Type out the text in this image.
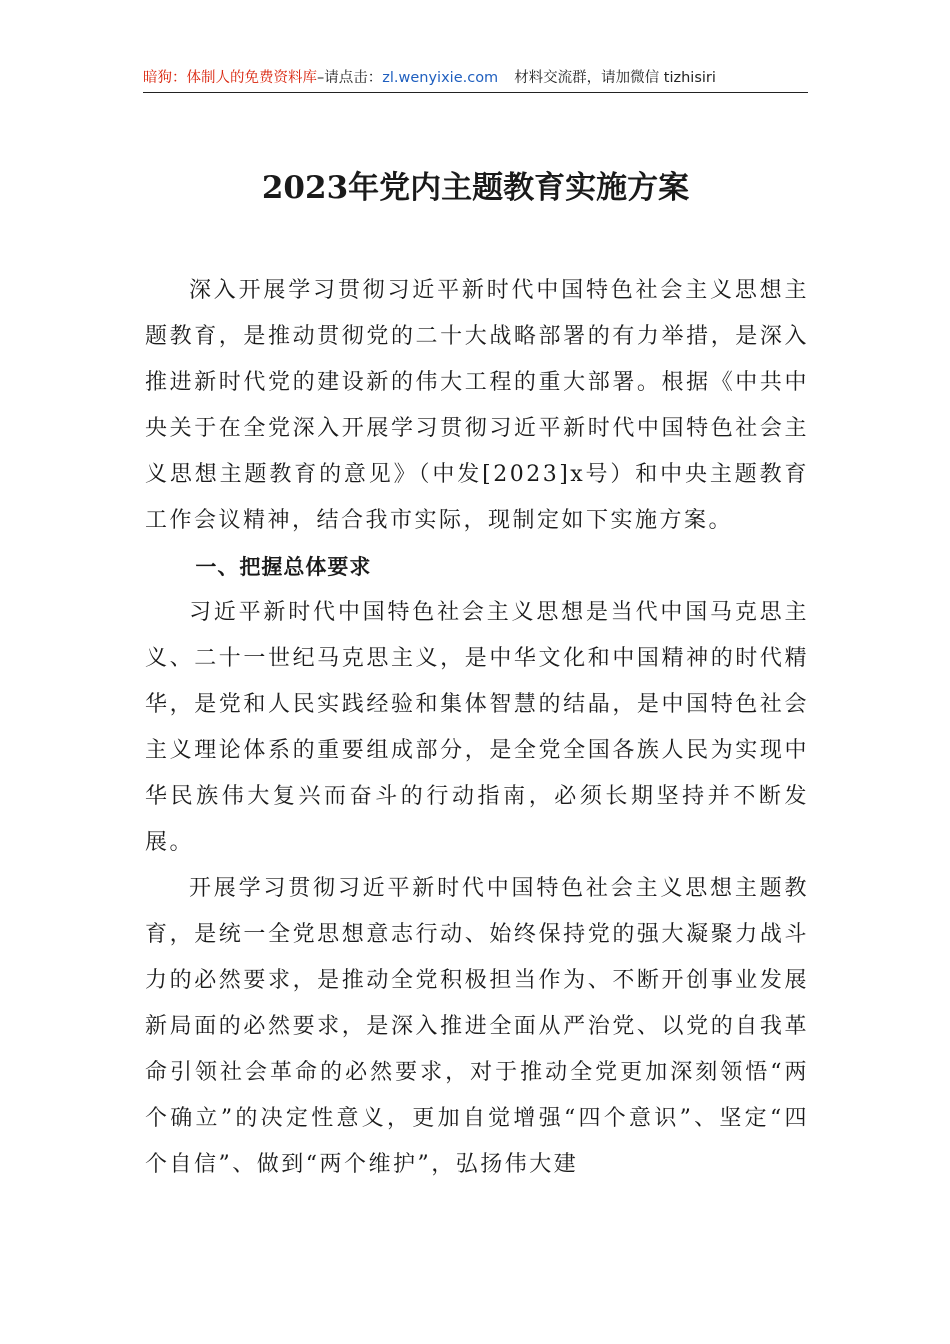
暗狗：体制人的免费资料库–请点击：zl.wenyixie.com 材料交流群，请加微信 tizhisiri
2023年党内主题教育实施方案

深入开展学习贯彻习近平新时代中国特色社会主义思想主题教育，是推动贯彻党的二十大战略部署的有力举措，是深入推进新时代党的建设新的伟大工程的重大部署。根据《中共中央关于在全党深入开展学习贯彻习近平新时代中国特色社会主义思想主题教育的意见》（中发[2023]x号）和中央主题教育工作会议精神，结合我市实际，现制定如下实施方案。

一、把握总体要求

习近平新时代中国特色社会主义思想是当代中国马克思主义、二十一世纪马克思主义，是中华文化和中国精神的时代精华，是党和人民实践经验和集体智慧的结晶，是中国特色社会主义理论体系的重要组成部分，是全党全国各族人民为实现中华民族伟大复兴而奋斗的行动指南，必须长期坚持并不断发展。

开展学习贯彻习近平新时代中国特色社会主义思想主题教育，是统一全党思想意志行动、始终保持党的强大凝聚力战斗力的必然要求，是推动全党积极担当作为、不断开创事业发展新局面的必然要求，是深入推进全面从严治党、以党的自我革命引领社会革命的必然要求，对于推动全党更加深刻领悟“两个确立”的决定性意义，更加自觉增强“四个意识”、坚定“四个自信”、做到“两个维护”，弘扬伟大建
